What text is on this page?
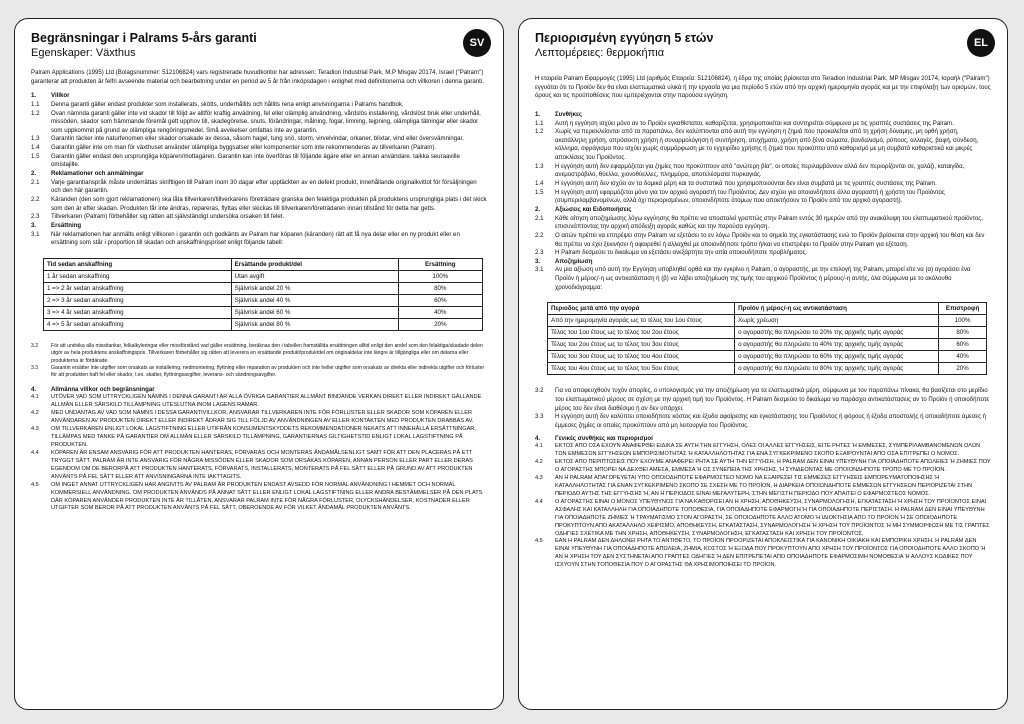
SV
Begränsningar i Palrams 5-års garanti
Egenskaper: Växthus

Palram Applications (1995) Ltd (Bolagsnummer: 512106824) vars registrerade huvudkontor har adressen: Teradion Industrial Park, M.P Misgav 20174, Israel ("Palram") garanterar att produkten är felfri avseende material och bearbetning under en period av 5 år från inköpsdagen i enlighet med definitionerna och villkoren i denna garanti.

1.	Villkor
1.1	Denna garanti gäller endast produkter som installerats, skötts, underhållits och hållits rena enligt anvisningarna i Palrams handbok.
1.2	Ovan nämnda garanti gäller inte vid skador till följd av alltför kraftig anvädning, fel eller olämplig användning, vårdslös installering, vårdslöst bruk eller underhåll, missöden, skador som främmande föremål gett upphov till, skadegörelse, snuts, förändringar, målning, fogar, limning, tejpning, olämpliga tätningar eller skador som uppkommit på grund av olämpliga rengöringsmedel. Små avvikelser omfattas inte av garantin.
1.3	Garantin täcker inte naturfenomen eller skador orsakade av dessa, såsom hagel, tung snö, storm, virvelvindar, orkaner, blixtar, vind eller översvämningar.
1.4	Garantin gäller inte om man för växthuset använder olämpliga byggsatser eller komponenter som inte rekommenderas av tillverkaren (Palram).
1.5	Garantin gäller endast den ursprungliga köparen/mottagaren. Garantin kan inte överföras till följande ägare eller en annan användare. taikka seuraaville omistajille.
2.	Reklamationer och anmälningar
2.1	Varje garantianspråk måste underrättas skriftligen till Palram inom 30 dagar efter upptäckten av en defekt produkt, innehållande originalkvittot för försäljningen och den här garantin.
2.2	Käranden (den som gjort reklamationen) ska låta tillverkaren/tillverkarens företrädare granska den felaktiga produkten på produktens ursprungliga plats i det skick som den är efter skadan. Produkten får inte ändras, repareras, flyttas eller skickas till tillverkaren/företrädaren innan tillstånd för detta har getts.
2.3	Tillverkaren (Palram) förbehåller sig rätten att självständigt undersöka orsaken till felet.
3.	Ersättning
3.1	När reklamationen har anmälts enligt villkoren i garantin och godkänts av Palram har köparen (käranden) rätt att få nya delar eller en ny produkt eller en ersättning som står i proportion till skadan och anskaffningspriset enligt följande tabell:
Tid sedan anskaffning	Ersättande produkt/del	Ersättning
1 år sedan anskaffning	Utan avgift	100%
1 => 2 år sedan anskaffning	Självrisk andel 20 %	80%
2 => 3 år sedan anskaffning	Självrisk andel 40 %	60%
3 => 4 år sedan anskaffning	Självrisk andel 60 %	40%
4 => 5 år sedan anskaffning	Självrisk andel 80 %	20%
3.2	För att undvika alla missitankar, felkalkyleringar eller missförstånd vad gäller ersättning, beräknas den i tabellen framställda ersättningen alltid enligt den andel som den felaktiga/skadade delen utgör av hela produktens anskaffningspris. Tillverkaren förbehåller sig rätten att leverera en ersättande produkt/produktdel om originaldelar inte längre är tillgängliga eller om delarna eller produkterna är fördärade.
3.3	Garantin ersätter inte utgifter som orsakats av installering, nedmontering, flyttning eller reparation av produkten och inte heller utgifter som orsakats av direkta eller indirekta utgifter och förluster för att produkten haft fel eller skador, t.ex. skatter, flyttningsavgifter, leverans- och sändningsavgifter.
4.	Allmänna villkor och begränsningar
4.1	UTÖVER VAD SOM UTTRYCKLIGEN NÄMNS I DENNA GARANTI ÄR ALLA ÖVRIGA GARANTIER ALLMÄNT BINDANDE VERKAN DIREKT ELLER INDIREKT GÄLLANDE ALLMÄN ELLER SÄRSKILD TILLÄMPNING UTESLUTNA INOM LAGENS RAMAR.
4.2	MED UNDANTAG AV VAD SOM NÄMNS I DESSA GARANTIVILLKOR, ANSVARAR TILLVERKAREN INTE FÖR FÖRLUSTER ELLER SKADOR SOM KÖPAREN ELLER ANVÄNDAREN AV PRODUKTEN DIREKT ELLER INDIREKT ÅDRAR SIG TILL FÖLJD AV ANVÄNDNINGEN AV ELLER KONTAKTEN MED PRODUKTEN DRABBAS AV.
4.3	OM TILLVERKAREN ENLIGT LOKAL LAGSTIFTNING ELLER UTIFRÅN KONSUMENTSKYDDETS REKOMMENDATIONER NEKATS ATT INNEHÅLLA ERSÄTTNINGAR, TILLÄMPAS MED TANKE PÅ GARANTIER OM ALLMÄN ELLER SÄRSKILD TILLÄMPNING, GARANTIERNAS GILTIGHETSTID ENLIGT LOKAL LAGSTIFTNING PÅ PRODUKTEN.
4.4	KÖPAREN ÄR ENSAM ANSVARIG FÖR ATT PRODUKTEN HANTERAS, FÖRVARAS OCH MONTERAS ÄNDAMÅLSENLIGT SAMT FÖR ATT DEN PLACERAS PÅ ETT TRYGGT SÄTT. PALRAM ÄR INTE ANSVARIG FÖR NÅGRA MISSÖDEN ELLER SKADOR SOM ORSAKAS KÖPAREN, ANNAN PERSON ELLER PART ELLER DERAS EGENDOM OM DE BERORPÅ ATT PRODUKTEN HANTERATS, FÖRVARATS, INSTALLERATS, MONTERATS PÅ FEL SÄTT ELLER PÅ GRUND AV ATT PRODUKTEN ANVÄNTS PÅ FEL SÄTT ELLER ATT ANVISNINGARNA INTE IAKTTAGITS.
4.5	OM INGET ANNAT UTTRYCKLIGEN HAR ANGIVITS AV PALRAM ÄR PRODUKTEN ENDAST AVSEDD FÖR NORMAL ANVÄNDNING I HEMMET OCH NORMAL KOMMERSIELL ANVÄNDNING. OM PRODUKTEN ANVÄNDS PÅ ANNAT SÄTT ELLER ENLIGT LOKAL LAGSTIFTNING ELLER ANDRA BESTÄMMELSER PÅ DEN PLATS DÄR KÖPAREN ANVÄNDER PRODUKTEN INTE ÄR TILLÅTEN, ANSVARAR PALRAM INTE FÖR NÅGRA FÖRLUSTER, OLYCKSHÄNDELSER, KOSTNADER ELLER UTGIFTER SOM BEROR PÅ ATT PRODUKTEN ANVÄNTS PÅ FEL SÄTT, OBEROENDE AV FÖR VILKET ÄNDAMÅL PRODUKTEN ANVÄNTS.
EL
Περιορισμένη εγγύηση 5 ετών
Λεπτομέρειες: θερμοκήπια

Η εταιρεία Palram Εφαρμογές (1995) Ltd (αριθμός Εταιρεία: 512106824), η έδρα της οποίας βρίσκεται στο Teradion Industrial Park, MP Misgav 20174, Ισραήλ ("Palram") εγγυάται ότι το Προϊόν δεν θα είναι ελαττωματικά υλικά ή την εργασία για μια περίοδο 5 ετών από την αρχική ημερομηνία αγοράς και με την επιφύλαξη των ορισμών, τους όρους και τις προϋποθέσεις που εμπεριέχονται στην παρούσα εγγύηση.

1.	Συνθήκες
1.1	Αυτή η εγγύηση ισχύει μόνο αν το Προϊόν εγκαθίσταται, καθαρίζεται, χρησιμοποιείται και συντηρείται σύμφωνα με τις γραπτές συστάσεις της Palram.
1.2	Χωρίς να περιεκλείονται από τα παραπάνω, δεν καλύπτονται από αυτή την εγγύηση η ζημιά που προκαλείται από τη χρήση δύναμης, μη ορθή χρήση, ακατάλληλη χρήση, απρόσεκτη χρήση ή συναρμολόγηση ή συντήρηση, ατυχήματα, χρήση από ξένα σώματα, βανδαλισμό, ρύπους, αλλαγές, βαφή, σύνδεση, κόλλημα, σφράγισμα που ισχύει χωρίς συμμόρφωση με το εγχειρίδιο χρήσης ή ζημιά που προκύπτει από καθαρισμό με μη συμβατά καθαριστικά και μικρές αποκλίσεις του Προϊόντος.
1.3	Η εγγύηση αυτή δεν εφαρμόζεται για ζημίες που προκύπτουν από "ανώτερη βία", οι οποίες περιλαμβάνουν αλλά δεν περιορίζονται σε, χαλάζι, καταιγίδα, ανεμοστρόβιλο, θύελλα, χιονοθύελλες, πλημμύρα, αποτελέσματα πυρκαγιάς.
1.4	Η εγγύηση αυτή δεν ισχύει αν τα δομικά μέρη και τα συστατικά που χρησιμοποιούνται δεν είναι συμβατά με τις γραπτές συστάσεις της Palram.
1.5	Η εγγύηση αυτή εφαρμόζεται μόνο για τον αρχικό αγοραστή του Προϊόντος. Δεν ισχύει για οποιονδήποτε άλλο αγοραστή ή χρήστη του Προϊόντος (συμπεριλαμβανομένων, αλλά όχι περιορισμένων, οποιονδήποτε άτομων που αποκτήσουν το Προϊόν από τον αρχικό αγοραστή).
2.	Αξιώσεις και Ειδοποιήσεις
2.1	Κάθε αίτηση αποζημίωσης λόγω εγγύησης θα πρέπει να αποσταλεί γραπτώς στην Palram εντός 30 ημερών από την ανακάλυψη του ελαττωματικού προϊόντος, επισυνάπτοντας την αρχική απόδειξη αγοράς καθώς και την παρούσα εγγύηση.
2.2	Ο αιτών πρέπει να επιτρέψει στην Palram να εξετάσει το εν λόγω Προϊόν και το σημείο της εγκατάστασης ενώ το Προϊόν βρίσκεται στην αρχική του θέση και δεν θα πρέπει να έχει ξεκινήσει ή αφαιρεθεί ή αλλαχθεί με οποιονδήποτε τρόπο ή/και να επιστρέψει το Προϊόν στην Palram για εξέταση.
2.3	Η Palram δεσμεύει το δικαίωμα να εξετάσει ανεξάρτητα την αιτία οποιουδήποτε προβλήματος.
3.	Αποζημίωση
3.1	Αν μια αξίωση υπό αυτή την Εγγύηση υποβληθεί ορθά και την εγκρίνει η Palram, ο αγοραστής, με την επιλογή της Palram, μπορεί είτε να (α) αγοράσει ένα Προϊόν ή μέρος/-η ως αντικατάσταση ή (β) να λάβει αποζημίωση της τιμής του αρχικού Προϊόντος ή μέρους/-η αυτής, όλα σύμφωνα με το ακόλουθο χρονοδιάγραμμα:
Περιοδος μετά από την αγορά	Προϊόν ή μέρος/-η ως αντικατάσταση	Επιστροφή
Από την ημερομηνία αγοράς ως το τέλος του 1ου έτους	Χωρίς χρέωση	100%
Τέλος του 1ου έτους ως το τέλος του 2ου έτους	ο αγοραστής θα πληρώσει το 20% της αρχικής τιμής αγοράς	80%
Τέλος του 2ου έτους ως το τέλος του 3ου έτους	ο αγοραστής θα πληρώσει το 40% της αρχικής τιμής αγοράς	60%
Τέλος του 3ου έτους ως το τέλος του 4ου έτους	ο αγοραστής θα πληρώσει το 60% της αρχικής τιμής αγοράς	40%
Τέλος του 4ου έτους ως το τέλος του 5ου έτους	ο αγοραστής θα πληρώσει το 80% της αρχικής τιμής αγοράς	20%
3.2	Για να αποφευχθούν τυχόν απορίες, ο υπολογισμός για την αποζημίωση για τα ελαττωματικά μέρη, σύμφωνα με τον παραπάνω πίνακα, θα βασίζεται στο μερίδιο του ελαττωματικού μέρους σε σχέση με την αρχική τιμή του Προϊόντος. Η Palram δεσμεύει το δικαίωμα να παράσχει αντικατάστασεις αν το Προϊόν ή οποιοδήποτε μέρος του δεν είναι διαθέσιμο ή αν δεν υπάρχει.
3.3	Η εγγύηση αυτή δεν καλύπτει οποιοδήποτε κόστος και έξοδα αφαίρεσης και εγκατάστασης του Προϊόντος ή φόρους ή έξοδα αποστολής ή οποιαδήποτε άμεσες ή έμμεσες ζημίες οι οποίες προκύπτουν από μη λειτουργία του Προϊόντος.
4.	Γενικές συνθήκες και περιορισμοί
4.1	ΕΚΤΟΣ ΑΠΟ ΟΣΑ ΕΧΟΥΝ ΑΝΑΦΕΡΘΕΙ ΕΙΔΙΚΑ ΣΕ ΑΥΤΗ ΤΗΝ ΕΓΓΥΗΣΗ, ΟΛΕΣ ΟΙ ΑΛΛΕΣ ΕΓΓΥΗΣΕΙΣ, ΕΙΤΕ ΡΗΤΕΣ Ή ΕΜΜΕΣΕΣ, ΣΥΜΠΕΡΙΛΑΜΒΑΝΟΜΕΝΩΝ ΟΛΩΝ ΤΩΝ ΕΜΜΕΣΩΝ ΕΓΓΥΗΣΕΩΝ ΕΜΠΟΡΙΣΙΜΟΤΗΤΑΣ Ή ΚΑΤΑΛΛΗΛΟΤΗΤΑΣ ΓΙΑ ΕΝΑ ΣΥΓΚΕΚΡΙΜΕΝΟ ΣΚΟΠΟ ΕΞΑΙΡΟΥΝΤΑΙ ΑΠΟ ΟΣΑ ΕΠΙΤΡΕΠΕΙ Ο ΝΟΜΟΣ.
4.2	ΕΚΤΟΣ ΑΠΟ ΠΕΡΙΠΤΩΣΕΙΣ ΠΟΥ ΕΧΟΥΜΕ ΑΝΑΦΕΡΕΙ ΡΗΤΑ ΣΕ ΑΥΤΗ ΤΗΝ ΕΓΓΥΗΣΗ, Η PALRAM ΔΕΝ ΕΙΝΑΙ ΥΠΕΥΘΥΝΗ ΓΙΑ ΟΠΟΙΑΔΗΠΟΤΕ ΑΠΩΛΕΙΕΣ Ή ΖΗΜΙΕΣ ΠΟΥ Ο ΑΓΟΡΑΣΤΗΣ ΜΠΟΡΕΙ ΝΑ ΔΕΧΘΕΙ ΑΜΕΣΑ, ΕΜΜΕΣΑ Ή ΩΣ ΣΥΝΕΠΕΙΑ ΤΗΣ ΧΡΗΣΗΣ, Ή ΣΥΝΔΕΟΝΤΑΣ ΜΕ ΟΠΟΙΟΝΔΗΠΟΤΕ ΤΡΟΠΟ ΜΕ ΤΟ ΠΡΟΪΟΝ.
4.3	ΑΝ Η PALRAM ΑΠΑΓΟΡΕΥΕΤΑΙ ΥΠΟ ΟΠΟΙΟΔΗΠΟΤΕ ΕΦΑΡΜΟΣΤΕΟ ΝΟΜΟ ΝΑ ΕΞΑΙΡΕΣΕΙ ΤΙΣ ΕΜΜΕΣΕΣ ΕΓΓΥΗΣΕΙΣ ΕΜΠΟΡΕΥΜΑΤΟΠΟΙΗΣΗΣ Ή ΚΑΤΑΛΛΗΛΟΤΗΤΑΣ ΓΙΑ ΕΝΑΝ ΣΥΓΚΕΚΡΙΜΕΝΟ ΣΚΟΠΟ ΣΕ ΣΧΕΣΗ ΜΕ ΤΟ ΠΡΟΪΟΝ, Η ΔΙΑΡΚΕΙΑ ΟΠΟΙΩΝΔΗΠΟΤΕ ΕΜΜΕΣΩΝ ΕΓΓΥΗΣΕΩΝ ΠΕΡΙΟΡΙΖΕΤΑΙ ΣΤΗΝ ΠΕΡΙΟΔΟ ΑΥΤΗΣ ΤΗΣ ΕΓΓΥΗΣΗΣ Ή, ΑΝ Η ΠΕΡΙΟΔΟΣ ΕΙΝΑΙ ΜΕΓΑΛΥΤΕΡΗ, ΣΤΗΝ ΜΕΓΙΣΤΗ ΠΕΡΙΟΔΟ ΠΟΥ ΑΠΑΙΤΕΙ Ο ΕΦΑΡΜΟΣΤΕΟΣ ΝΟΜΟΣ.
4.4	Ο ΑΓΟΡΑΣΤΗΣ ΕΙΝΑΙ Ο ΜΟΝΟΣ ΥΠΕΥΘΥΝΟΣ ΓΙΑ ΝΑ ΚΑΘΟΡΙΣΕΙ ΑΝ Η ΧΡΗΣΗ, ΑΠΟΘΗΚΕΥΣΗ, ΣΥΝΑΡΜΟΛΟΓΗΣΗ, ΕΓΚΑΤΑΣΤΑΣΗ Ή ΧΡΗΣΗ ΤΟΥ ΠΡΟΪΟΝΤΟΣ ΕΙΝΑΙ ΑΣΦΑΛΗΣ ΚΑΙ ΚΑΤΑΛΛΗΛΗ ΓΙΑ ΟΠΟΙΑΔΗΠΟΤΕ ΤΟΠΟΘΕΣΙΑ, ΓΙΑ ΟΠΟΙΑΔΗΠΟΤΕ ΕΦΑΡΜΟΓΗ Ή ΓΙΑ ΟΠΟΙΑΔΗΠΟΤΕ ΠΕΡΙΣΤΑΣΗ. Η PALRAM ΔΕΝ ΕΙΝΑΙ ΥΠΕΥΘΥΝΗ ΓΙΑ ΟΠΟΙΑΔΗΠΟΤΕ ΖΗΜΙΕΣ Ή ΤΡΑΥΜΑΤΙΣΜΟ ΣΤΟΝ ΑΓΟΡΑΣΤΗ, ΣΕ ΟΠΟΙΟΔΗΠΟΤΕ ΑΛΛΟ ΑΤΟΜΟ Ή ΙΔΙΟΚΤΗΣΙΑ ΑΠΟ ΤΟ ΠΡΟΪΟΝ Ή ΣΕ ΟΠΟΙΟΔΗΠΟΤΕ ΠΡΟΚΥΠΤΟΥΝ ΑΠΟ ΑΚΑΤΑΛΛΗΛΟ ΧΕΙΡΙΣΜΟ, ΑΠΟΘΗΚΕΥΣΗ, ΕΓΚΑΤΑΣΤΑΣΗ, ΣΥΝΑΡΜΟΛΟΓΗΣΗ Ή ΧΡΗΣΗ ΤΟΥ ΠΡΟΪΟΝΤΟΣ Ή ΜΗ ΣΥΜΜΟΡΦΩΣΗ ΜΕ ΤΙΣ ΓΡΑΠΤΕΣ ΟΔΗΓΙΕΣ ΣΧΕΤΙΚΑ ΜΕ ΤΗΝ ΧΡΗΣΗ, ΑΠΟΘΗΚΕΥΣΗ, ΣΥΝΑΡΜΟΛΟΓΗΣΗ, ΕΓΚΑΤΑΣΤΑΣΗ ΚΑΙ ΧΡΗΣΗ ΤΟΥ ΠΡΟΪΟΝΤΟΣ.
4.5	ΕΑΝ Η PALRAM ΔΕΝ ΔΗΛΩΝΕΙ ΡΗΤΑ ΤΟ ΑΝΤΙΘΕΤΟ, ΤΟ ΠΡΟΪΟΝ ΠΡΟΟΡΙΖΕΤΑΙ ΑΠΟΚΛΕΙΣΤΙΚΑ ΓΙΑ ΚΑΝΟΝΙΚΗ ΟΙΚΙΑΚΗ ΚΑΙ ΕΜΠΟΡΙΚΗ ΧΡΗΣΗ. Η PALRAM ΔΕΝ ΕΙΝΑΙ ΥΠΕΥΘΥΝΗ ΓΙΑ ΟΠΟΙΑΔΗΠΟΤΕ ΑΠΩΛΕΙΑ, ΖΗΜΙΑ, ΚΟΣΤΟΣ Ή ΕΞΟΔΑ ΠΟΥ ΠΡΟΚΥΠΤΟΥΝ ΑΠΟ ΧΡΗΣΗ ΤΟΥ ΠΡΟΪΟΝΤΟΣ ΓΙΑ ΟΠΟΙΟΔΗΠΟΤΕ ΑΛΛΟ ΣΚΟΠΟ Ή ΑΝ Η ΧΡΗΣΗ ΤΟΥ ΔΕΝ ΣΥΣΤΗΝΕΤΑΙ ΑΠΟ ΓΡΑΠΤΕΣ ΟΔΗΓΙΕΣ Ή ΔΕΝ ΕΠΙΤΡΕΠΕΤΑΙ ΑΠΟ ΟΠΟΙΑΔΗΠΟΤΕ ΕΦΑΡΜΟΣΙΜΗ ΝΟΜΟΘΕΣΙΑ Ή ΑΛΛΟΥΣ ΚΩΔΙΚΕΣ ΠΟΥ ΙΣΧΥΟΥΝ ΣΤΗΝ ΤΟΠΟΘΕΣΙΑ ΠΟΥ Ο ΑΓΟΡΑΣΤΗΣ ΘΑ ΧΡΗΣΙΜΟΠΟΙΗΣΕΙ ΤΟ ΠΡΟΪΟΝ.
